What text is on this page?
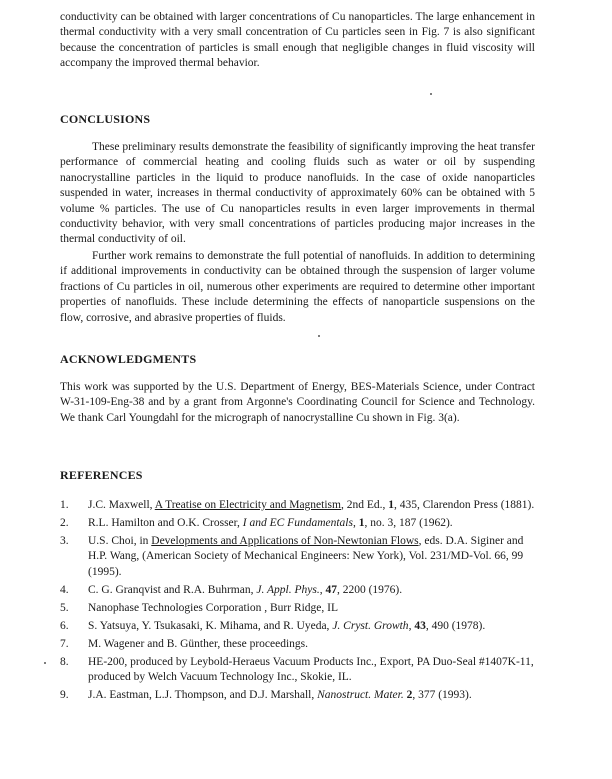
conductivity can be obtained with larger concentrations of Cu nanoparticles. The large enhancement in thermal conductivity with a very small concentration of Cu particles seen in Fig. 7 is also significant because the concentration of particles is small enough that negligible changes in fluid viscosity will accompany the improved thermal behavior.

CONCLUSIONS

These preliminary results demonstrate the feasibility of significantly improving the heat transfer performance of commercial heating and cooling fluids such as water or oil by suspending nanocrystalline particles in the liquid to produce nanofluids. In the case of oxide nanoparticles suspended in water, increases in thermal conductivity of approximately 60% can be obtained with 5 volume % particles. The use of Cu nanoparticles results in even larger improvements in thermal conductivity behavior, with very small concentrations of particles producing major increases in the thermal conductivity of oil.

Further work remains to demonstrate the full potential of nanofluids. In addition to determining if additional improvements in conductivity can be obtained through the suspension of larger volume fractions of Cu particles in oil, numerous other experiments are required to determine other important properties of nanofluids. These include determining the effects of nanoparticle suspensions on the flow, corrosive, and abrasive properties of fluids.

ACKNOWLEDGMENTS

This work was supported by the U.S. Department of Energy, BES-Materials Science, under Contract W-31-109-Eng-38 and by a grant from Argonne's Coordinating Council for Science and Technology. We thank Carl Youngdahl for the micrograph of nanocrystalline Cu shown in Fig. 3(a).

REFERENCES
1.	J.C. Maxwell, A Treatise on Electricity and Magnetism, 2nd Ed., 1, 435, Clarendon Press (1881).
2.	R.L. Hamilton and O.K. Crosser, I and EC Fundamentals, 1, no. 3, 187 (1962).
3.	U.S. Choi, in Developments and Applications of Non-Newtonian Flows, eds. D.A. Siginer and H.P. Wang, (American Society of Mechanical Engineers: New York), Vol. 231/MD-Vol. 66, 99 (1995).
4.	C. G. Granqvist and R.A. Buhrman, J. Appl. Phys., 47, 2200 (1976).
5.	Nanophase Technologies Corporation , Burr Ridge, IL
6.	S. Yatsuya, Y. Tsukasaki, K. Mihama, and R. Uyeda, J. Cryst. Growth, 43, 490 (1978).
7.	M. Wagener and B. Günther, these proceedings.
8.	HE-200, produced by Leybold-Heraeus Vacuum Products Inc., Export, PA Duo-Seal #1407K-11, produced by Welch Vacuum Technology Inc., Skokie, IL.
9.	J.A. Eastman, L.J. Thompson, and D.J. Marshall, Nanostruct. Mater. 2, 377 (1993).
